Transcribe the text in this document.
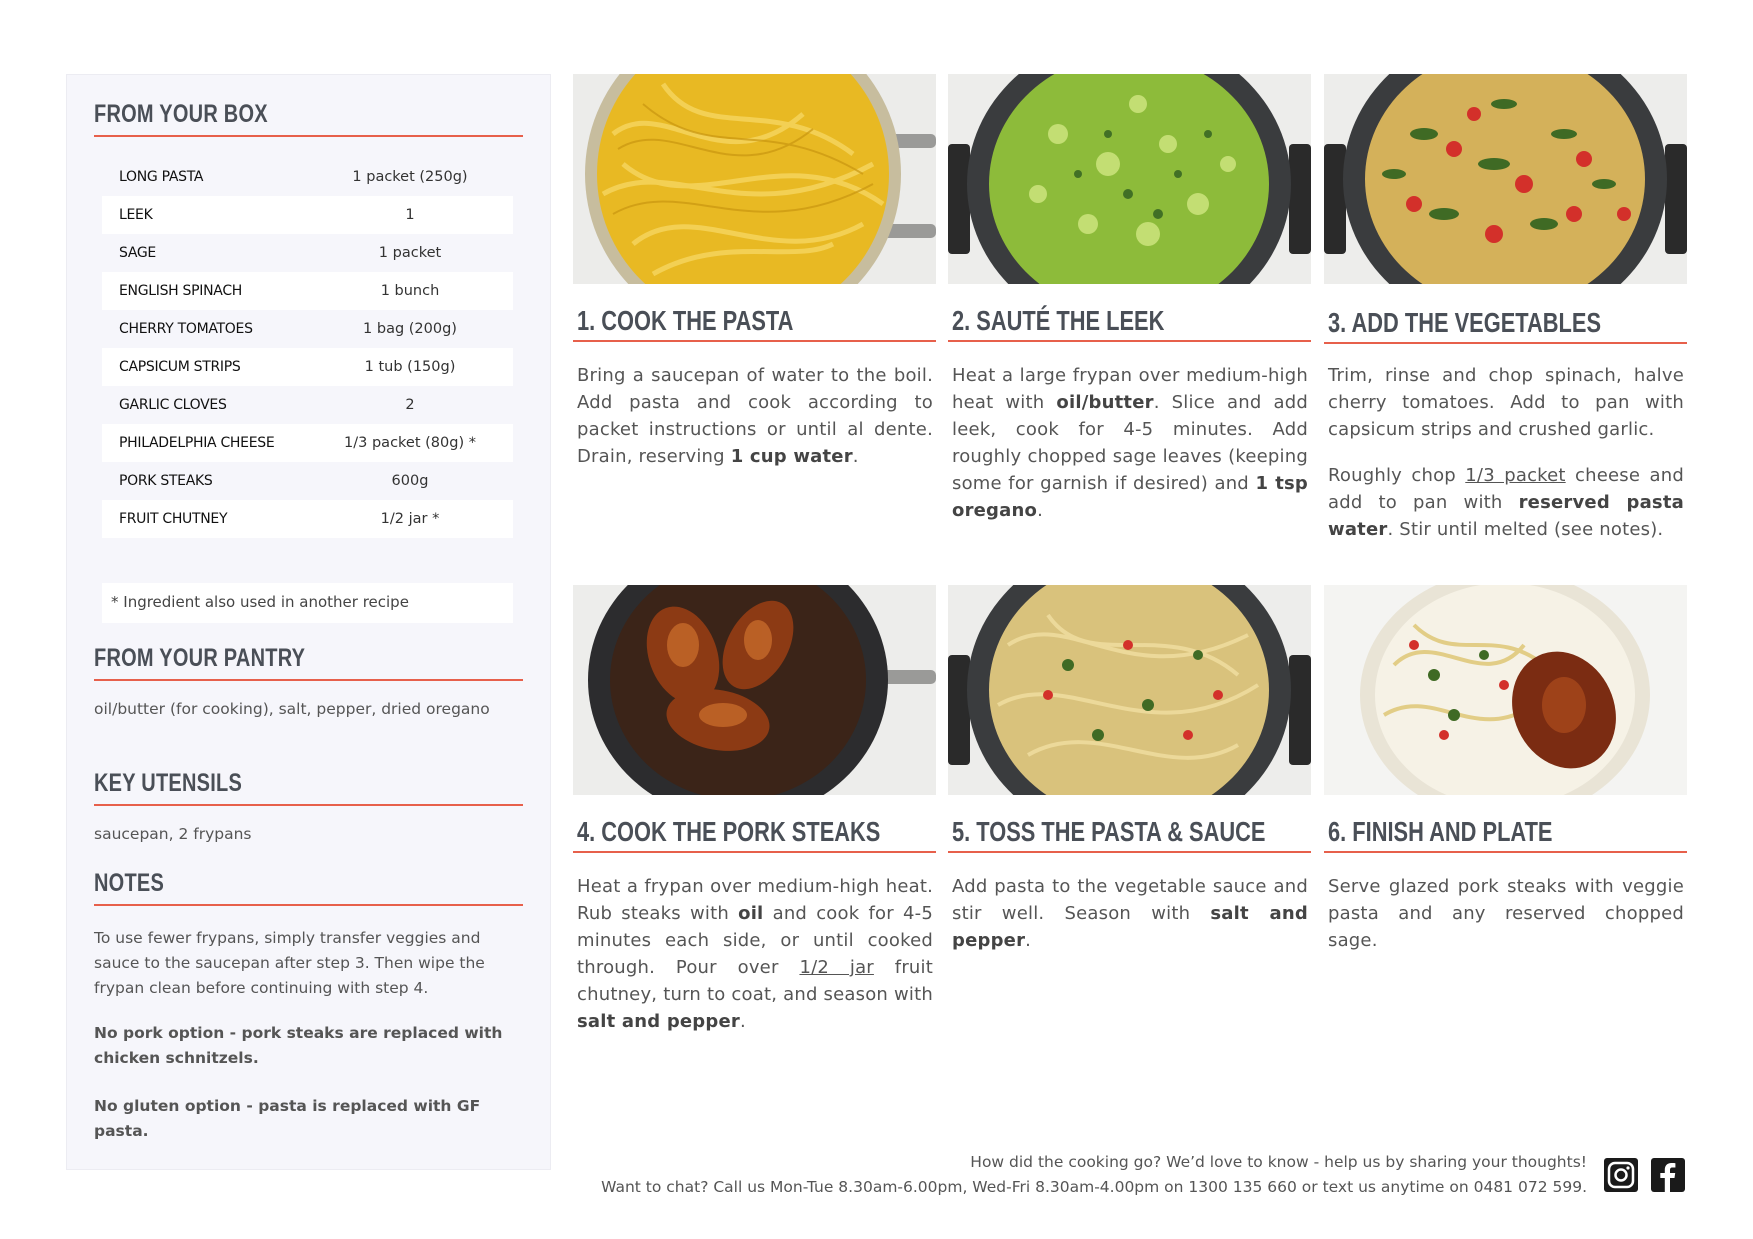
FROM YOUR BOX
LONG PASTA	1 packet (250g)
LEEK	1
SAGE	1 packet
ENGLISH SPINACH	1 bunch
CHERRY TOMATOES	1 bag (200g)
CAPSICUM STRIPS	1 tub (150g)
GARLIC CLOVES	2
PHILADELPHIA CHEESE	1/3 packet (80g) *
PORK STEAKS	600g
FRUIT CHUTNEY	1/2 jar *
* Ingredient also used in another recipe
FROM YOUR PANTRY
oil/butter (for cooking), salt, pepper, dried oregano
KEY UTENSILS
saucepan, 2 frypans
NOTES
To use fewer frypans, simply transfer veggies and sauce to the saucepan after step 3. Then wipe the frypan clean before continuing with step 4.
No pork option - pork steaks are replaced with chicken schnitzels.
No gluten option - pasta is replaced with GF pasta.
1. COOK THE PASTA
Bring a saucepan of water to the boil. Add pasta and cook according to packet instructions or until al dente. Drain, reserving 1 cup water.
2. SAUTÉ THE LEEK
Heat a large frypan over medium-high heat with oil/butter. Slice and add leek, cook for 4-5 minutes. Add roughly chopped sage leaves (keeping some for garnish if desired) and 1 tsp oregano.
3. ADD THE VEGETABLES

Trim, rinse and chop spinach, halve cherry tomatoes. Add to pan with capsicum strips and crushed garlic.

Roughly chop 1/3 packet cheese and add to pan with reserved pasta water. Stir until melted (see notes).

4. COOK THE PORK STEAKS
Heat a frypan over medium-high heat. Rub steaks with oil and cook for 4-5 minutes each side, or until cooked through. Pour over 1/2 jar fruit chutney, turn to coat, and season with salt and pepper.
5. TOSS THE PASTA & SAUCE
Add pasta to the vegetable sauce and stir well. Season with salt and pepper.
6. FINISH AND PLATE
Serve glazed pork steaks with veggie pasta and any reserved chopped sage.
How did the cooking go? We’d love to know - help us by sharing your thoughts!
Want to chat? Call us Mon-Tue 8.30am-6.00pm, Wed-Fri 8.30am-4.00pm on 1300 135 660 or text us anytime on 0481 072 599.
